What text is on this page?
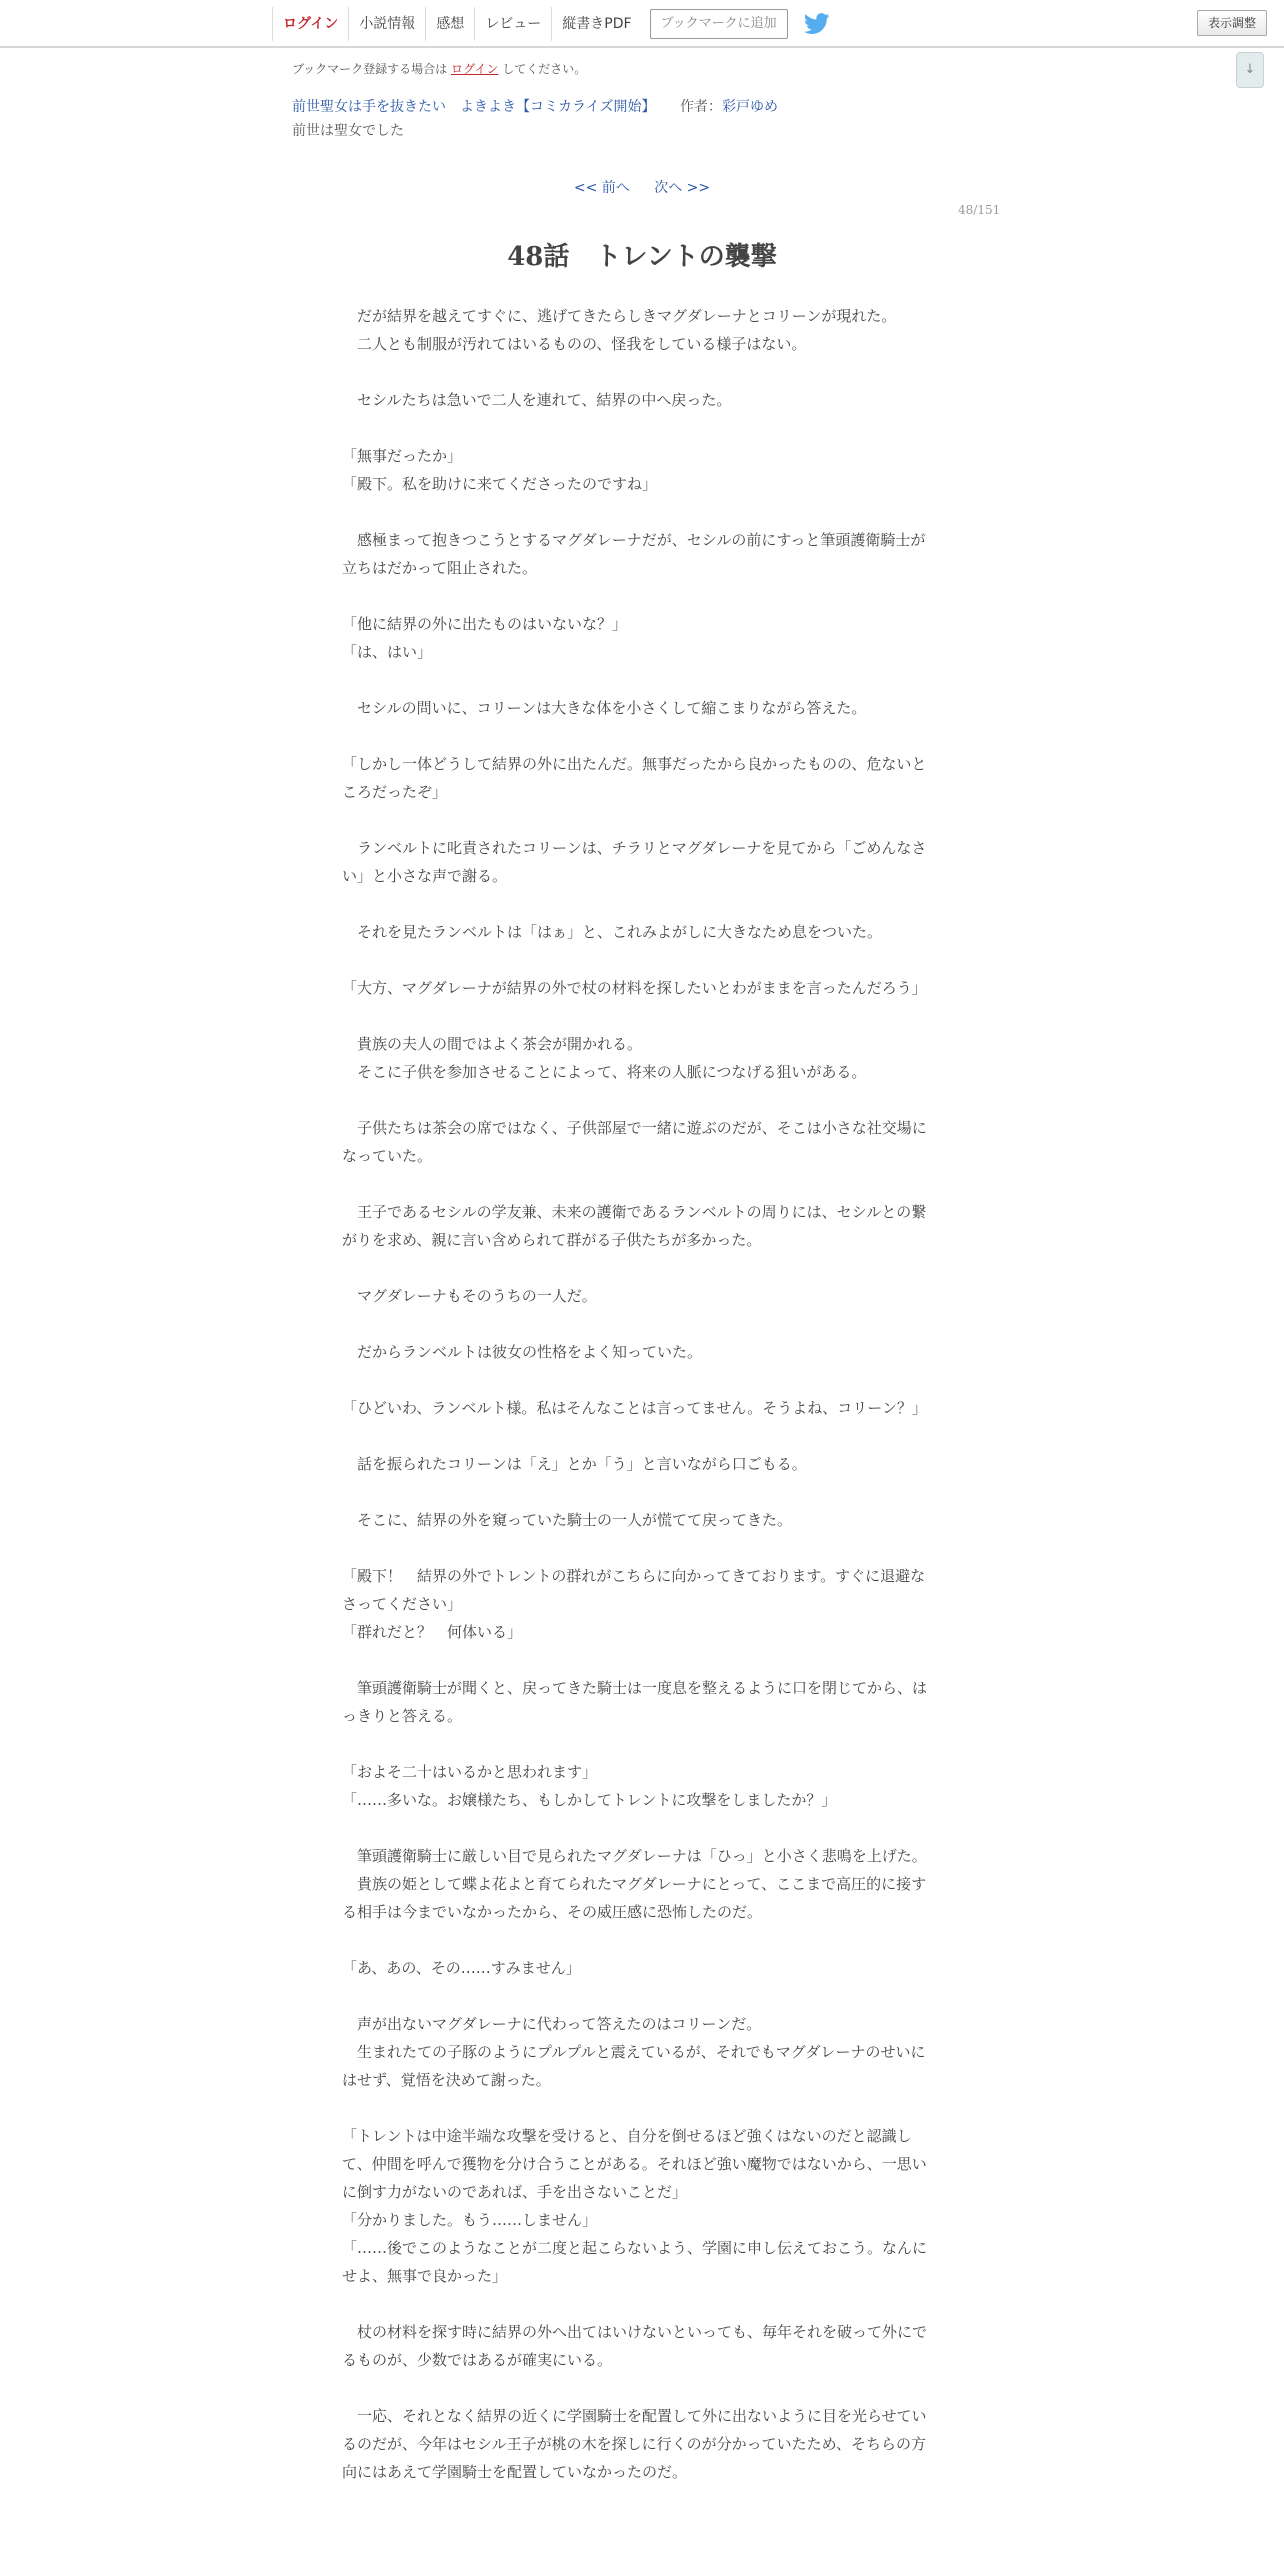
ログイン	小説情報	感想	レビュー	縦書きPDF	ブックマークに追加	表示調整
↓
ブックマーク登録する場合は ログイン してください。
前世聖女は手を抜きたい　よきよき【コミカライズ開始】 作者：彩戸ゆめ
前世は聖女でした
<< 前へ 次へ >>
48/151
48話　トレントの襲撃

　だが結界を越えてすぐに、逃げてきたらしきマグダレーナとコリーンが現れた。

　二人とも制服が汚れてはいるものの、怪我をしている様子はない。

　セシルたちは急いで二人を連れて、結界の中へ戻った。

「無事だったか」

「殿下。私を助けに来てくださったのですね」

　感極まって抱きつこうとするマグダレーナだが、セシルの前にすっと筆頭護衛騎士が立ちはだかって阻止された。

「他に結界の外に出たものはいないな？」

「は、はい」

　セシルの問いに、コリーンは大きな体を小さくして縮こまりながら答えた。

「しかし一体どうして結界の外に出たんだ。無事だったから良かったものの、危ないところだったぞ」

　ランベルトに叱責されたコリーンは、チラリとマグダレーナを見てから「ごめんなさい」と小さな声で謝る。

　それを見たランベルトは「はぁ」と、これみよがしに大きなため息をついた。

「大方、マグダレーナが結界の外で杖の材料を探したいとわがままを言ったんだろう」

　貴族の夫人の間ではよく茶会が開かれる。

　そこに子供を参加させることによって、将来の人脈につなげる狙いがある。

　子供たちは茶会の席ではなく、子供部屋で一緒に遊ぶのだが、そこは小さな社交場になっていた。

　王子であるセシルの学友兼、未来の護衛であるランベルトの周りには、セシルとの繋がりを求め、親に言い含められて群がる子供たちが多かった。

　マグダレーナもそのうちの一人だ。

　だからランベルトは彼女の性格をよく知っていた。

「ひどいわ、ランベルト様。私はそんなことは言ってません。そうよね、コリーン？」

　話を振られたコリーンは「え」とか「う」と言いながら口ごもる。

　そこに、結界の外を窺っていた騎士の一人が慌てて戻ってきた。

「殿下！　結界の外でトレントの群れがこちらに向かってきております。すぐに退避なさってください」

「群れだと？　何体いる」

　筆頭護衛騎士が聞くと、戻ってきた騎士は一度息を整えるように口を閉じてから、はっきりと答える。

「およそ二十はいるかと思われます」

「……多いな。お嬢様たち、もしかしてトレントに攻撃をしましたか？」

　筆頭護衛騎士に厳しい目で見られたマグダレーナは「ひっ」と小さく悲鳴を上げた。

　貴族の姫として蝶よ花よと育てられたマグダレーナにとって、ここまで高圧的に接する相手は今までいなかったから、その威圧感に恐怖したのだ。

「あ、あの、その……すみません」

　声が出ないマグダレーナに代わって答えたのはコリーンだ。

　生まれたての子豚のようにプルプルと震えているが、それでもマグダレーナのせいにはせず、覚悟を決めて謝った。

「トレントは中途半端な攻撃を受けると、自分を倒せるほど強くはないのだと認識して、仲間を呼んで獲物を分け合うことがある。それほど強い魔物ではないから、一思いに倒す力がないのであれば、手を出さないことだ」

「分かりました。もう……しません」

「……後でこのようなことが二度と起こらないよう、学園に申し伝えておこう。なんにせよ、無事で良かった」

　杖の材料を探す時に結界の外へ出てはいけないといっても、毎年それを破って外にでるものが、少数ではあるが確実にいる。

　一応、それとなく結界の近くに学園騎士を配置して外に出ないように目を光らせているのだが、今年はセシル王子が桃の木を探しに行くのが分かっていたため、そちらの方向にはあえて学園騎士を配置していなかったのだ。
